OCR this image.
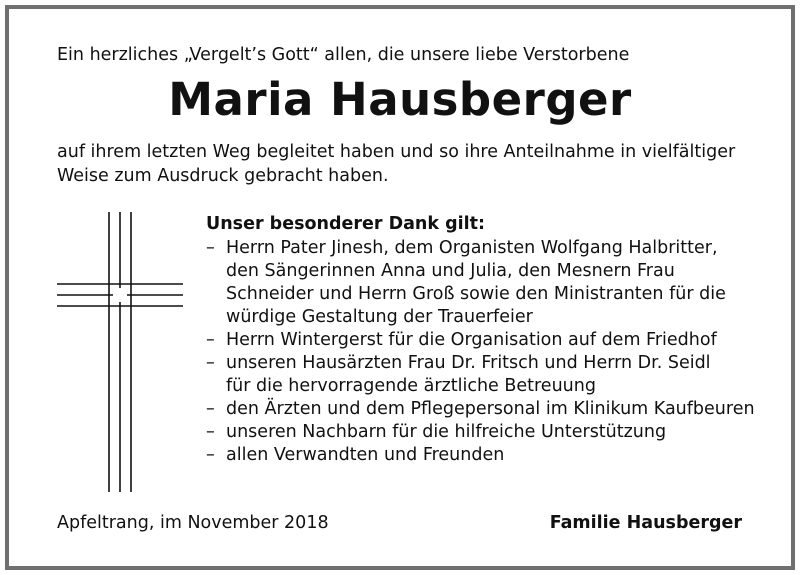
Ein herzliches „Vergelt’s Gott“ allen, die unsere liebe Verstorbene
Maria Hausberger
auf ihrem letzten Weg begleitet haben und so ihre Anteilnahme in vielfältiger Weise zum Ausdruck gebracht haben.
Unser besonderer Dank gilt:
– Herrn Pater Jinesh, dem Organisten Wolfgang Halbritter,
den Sängerinnen Anna und Julia, den Mesnern Frau
Schneider und Herrn Groß sowie den Ministranten für die
würdige Gestaltung der Trauerfeier
– Herrn Wintergerst für die Organisation auf dem Friedhof
– unseren Hausärzten Frau Dr. Fritsch und Herrn Dr. Seidl
für die hervorragende ärztliche Betreuung
– den Ärzten und dem Pflegepersonal im Klinikum Kaufbeuren
– unseren Nachbarn für die hilfreiche Unterstützung
– allen Verwandten und Freunden
Apfeltrang, im November 2018	Familie Hausberger
